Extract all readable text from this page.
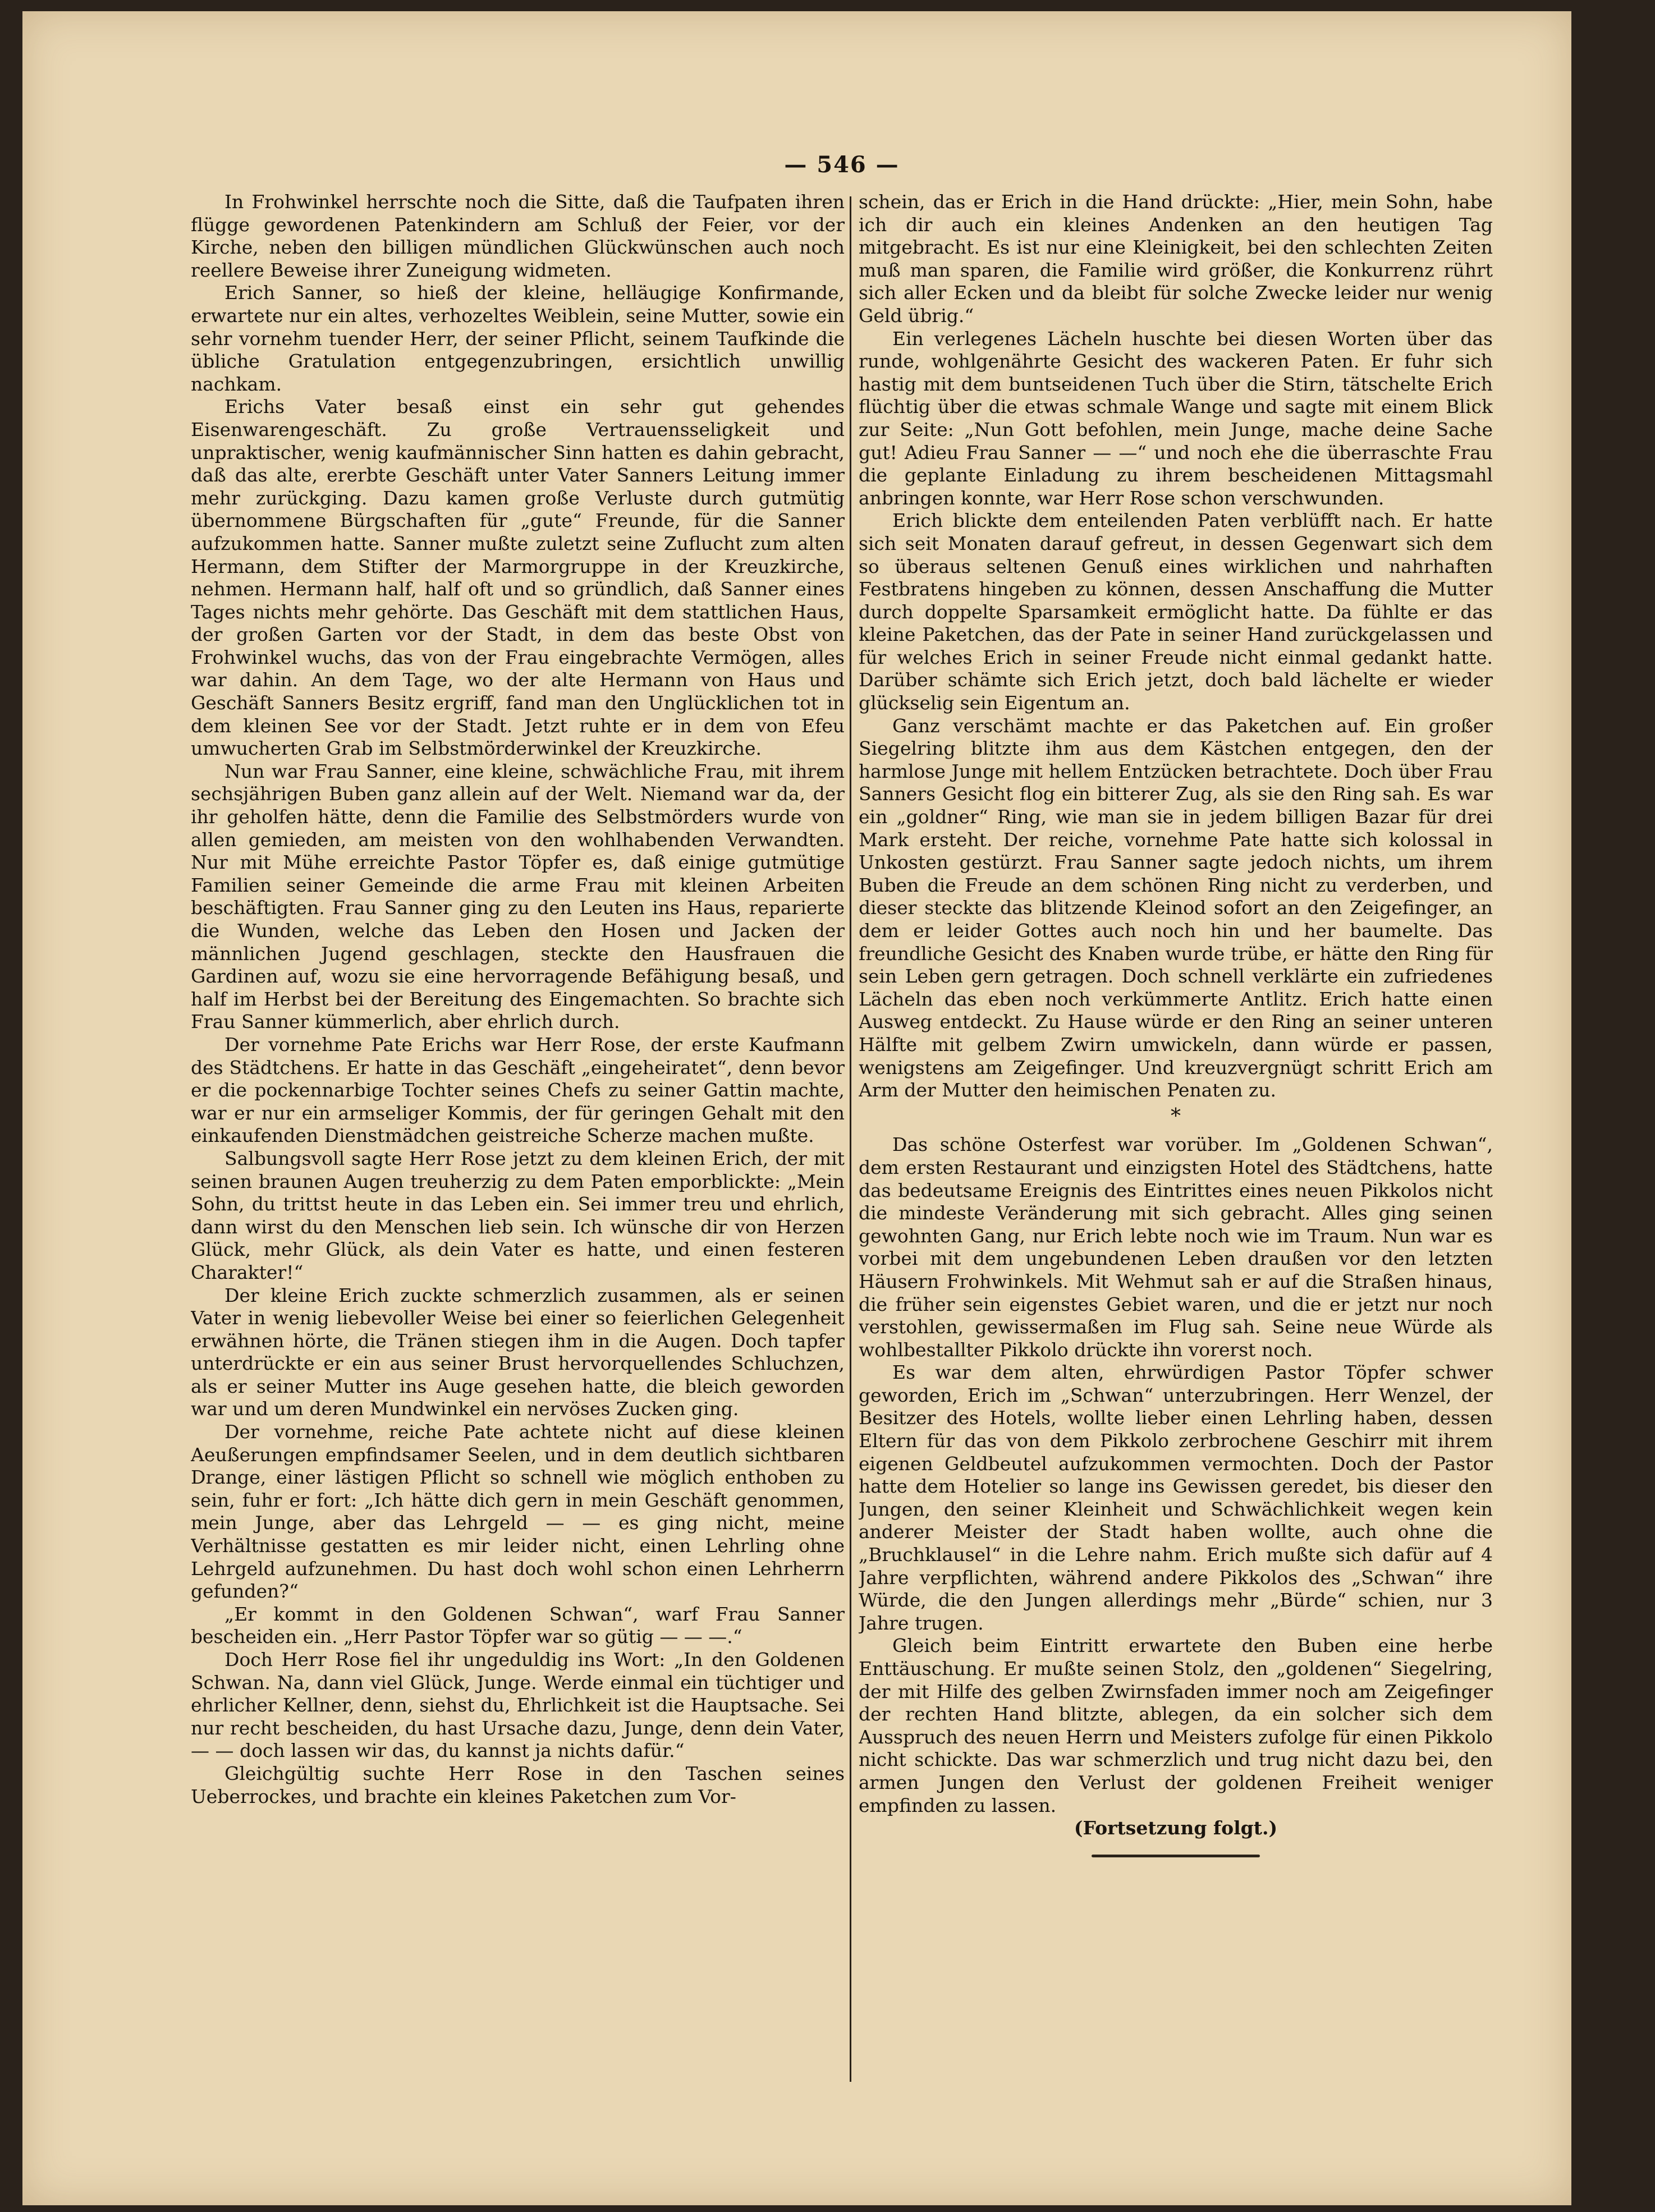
— 546 —

In Frohwinkel herrschte noch die Sitte, daß die Taufpaten ihren flügge gewordenen Patenkindern am Schluß der Feier, vor der Kirche, neben den billigen mündlichen Glückwünschen auch noch reellere Beweise ihrer Zuneigung widmeten.

Erich Sanner, so hieß der kleine, helläugige Konfirmande, erwartete nur ein altes, verhozeltes Weiblein, seine Mutter, sowie ein sehr vornehm tuender Herr, der seiner Pflicht, seinem Taufkinde die übliche Gratulation entgegenzubringen, ersichtlich unwillig nachkam.

Erichs Vater besaß einst ein sehr gut gehendes Eisenwarengeschäft. Zu große Vertrauensseligkeit und unpraktischer, wenig kaufmännischer Sinn hatten es dahin gebracht, daß das alte, ererbte Geschäft unter Vater Sanners Leitung immer mehr zurückging. Dazu kamen große Verluste durch gutmütig übernommene Bürgschaften für „gute“ Freunde, für die Sanner aufzukommen hatte. Sanner mußte zuletzt seine Zuflucht zum alten Hermann, dem Stifter der Marmorgruppe in der Kreuzkirche, nehmen. Hermann half, half oft und so gründlich, daß Sanner eines Tages nichts mehr gehörte. Das Geschäft mit dem stattlichen Haus, der großen Garten vor der Stadt, in dem das beste Obst von Frohwinkel wuchs, das von der Frau eingebrachte Vermögen, alles war dahin. An dem Tage, wo der alte Hermann von Haus und Geschäft Sanners Besitz ergriff, fand man den Unglücklichen tot in dem kleinen See vor der Stadt. Jetzt ruhte er in dem von Efeu umwucherten Grab im Selbstmörderwinkel der Kreuzkirche.

Nun war Frau Sanner, eine kleine, schwächliche Frau, mit ihrem sechsjährigen Buben ganz allein auf der Welt. Niemand war da, der ihr geholfen hätte, denn die Familie des Selbstmörders wurde von allen gemieden, am meisten von den wohlhabenden Verwandten. Nur mit Mühe erreichte Pastor Töpfer es, daß einige gutmütige Familien seiner Gemeinde die arme Frau mit kleinen Arbeiten beschäftigten. Frau Sanner ging zu den Leuten ins Haus, reparierte die Wunden, welche das Leben den Hosen und Jacken der männlichen Jugend geschlagen, steckte den Hausfrauen die Gardinen auf, wozu sie eine hervorragende Befähigung besaß, und half im Herbst bei der Bereitung des Eingemachten. So brachte sich Frau Sanner kümmerlich, aber ehrlich durch.

Der vornehme Pate Erichs war Herr Rose, der erste Kaufmann des Städtchens. Er hatte in das Geschäft „eingeheiratet“, denn bevor er die pockennarbige Tochter seines Chefs zu seiner Gattin machte, war er nur ein armseliger Kommis, der für geringen Gehalt mit den einkaufenden Dienstmädchen geistreiche Scherze machen mußte.

Salbungsvoll sagte Herr Rose jetzt zu dem kleinen Erich, der mit seinen braunen Augen treuherzig zu dem Paten emporblickte: „Mein Sohn, du trittst heute in das Leben ein. Sei immer treu und ehrlich, dann wirst du den Menschen lieb sein. Ich wünsche dir von Herzen Glück, mehr Glück, als dein Vater es hatte, und einen festeren Charakter!“

Der kleine Erich zuckte schmerzlich zusammen, als er seinen Vater in wenig liebevoller Weise bei einer so feierlichen Gelegenheit erwähnen hörte, die Tränen stiegen ihm in die Augen. Doch tapfer unterdrückte er ein aus seiner Brust hervorquellendes Schluchzen, als er seiner Mutter ins Auge gesehen hatte, die bleich geworden war und um deren Mundwinkel ein nervöses Zucken ging.

Der vornehme, reiche Pate achtete nicht auf diese kleinen Aeußerungen empfindsamer Seelen, und in dem deutlich sichtbaren Drange, einer lästigen Pflicht so schnell wie möglich enthoben zu sein, fuhr er fort: „Ich hätte dich gern in mein Geschäft genommen, mein Junge, aber das Lehrgeld — — es ging nicht, meine Verhältnisse gestatten es mir leider nicht, einen Lehrling ohne Lehrgeld aufzunehmen. Du hast doch wohl schon einen Lehrherrn gefunden?“

„Er kommt in den Goldenen Schwan“, warf Frau Sanner bescheiden ein. „Herr Pastor Töpfer war so gütig — — —.“

Doch Herr Rose fiel ihr ungeduldig ins Wort: „In den Goldenen Schwan. Na, dann viel Glück, Junge. Werde einmal ein tüchtiger und ehrlicher Kellner, denn, siehst du, Ehrlichkeit ist die Hauptsache. Sei nur recht bescheiden, du hast Ursache dazu, Junge, denn dein Vater, — — doch lassen wir das, du kannst ja nichts dafür.“

Gleichgültig suchte Herr Rose in den Taschen seines Ueberrockes, und brachte ein kleines Paketchen zum Vor-

schein, das er Erich in die Hand drückte: „Hier, mein Sohn, habe ich dir auch ein kleines Andenken an den heutigen Tag mitgebracht. Es ist nur eine Kleinigkeit, bei den schlechten Zeiten muß man sparen, die Familie wird größer, die Konkurrenz rührt sich aller Ecken und da bleibt für solche Zwecke leider nur wenig Geld übrig.“

Ein verlegenes Lächeln huschte bei diesen Worten über das runde, wohlgenährte Gesicht des wackeren Paten. Er fuhr sich hastig mit dem buntseidenen Tuch über die Stirn, tätschelte Erich flüchtig über die etwas schmale Wange und sagte mit einem Blick zur Seite: „Nun Gott befohlen, mein Junge, mache deine Sache gut! Adieu Frau Sanner — —“ und noch ehe die überraschte Frau die geplante Einladung zu ihrem bescheidenen Mittagsmahl anbringen konnte, war Herr Rose schon verschwunden.

Erich blickte dem enteilenden Paten verblüfft nach. Er hatte sich seit Monaten darauf gefreut, in dessen Gegenwart sich dem so überaus seltenen Genuß eines wirklichen und nahrhaften Festbratens hingeben zu können, dessen Anschaffung die Mutter durch doppelte Sparsamkeit ermöglicht hatte. Da fühlte er das kleine Paketchen, das der Pate in seiner Hand zurückgelassen und für welches Erich in seiner Freude nicht einmal gedankt hatte. Darüber schämte sich Erich jetzt, doch bald lächelte er wieder glückselig sein Eigentum an.

Ganz verschämt machte er das Paketchen auf. Ein großer Siegelring blitzte ihm aus dem Kästchen entgegen, den der harmlose Junge mit hellem Entzücken betrachtete. Doch über Frau Sanners Gesicht flog ein bitterer Zug, als sie den Ring sah. Es war ein „goldner“ Ring, wie man sie in jedem billigen Bazar für drei Mark ersteht. Der reiche, vornehme Pate hatte sich kolossal in Unkosten gestürzt. Frau Sanner sagte jedoch nichts, um ihrem Buben die Freude an dem schönen Ring nicht zu verderben, und dieser steckte das blitzende Kleinod sofort an den Zeigefinger, an dem er leider Gottes auch noch hin und her baumelte. Das freundliche Gesicht des Knaben wurde trübe, er hätte den Ring für sein Leben gern getragen. Doch schnell verklärte ein zufriedenes Lächeln das eben noch verkümmerte Antlitz. Erich hatte einen Ausweg entdeckt. Zu Hause würde er den Ring an seiner unteren Hälfte mit gelbem Zwirn umwickeln, dann würde er passen, wenigstens am Zeigefinger. Und kreuzvergnügt schritt Erich am Arm der Mutter den heimischen Penaten zu.

*

Das schöne Osterfest war vorüber. Im „Goldenen Schwan“, dem ersten Restaurant und einzigsten Hotel des Städtchens, hatte das bedeutsame Ereignis des Eintrittes eines neuen Pikkolos nicht die mindeste Veränderung mit sich gebracht. Alles ging seinen gewohnten Gang, nur Erich lebte noch wie im Traum. Nun war es vorbei mit dem ungebundenen Leben draußen vor den letzten Häusern Frohwinkels. Mit Wehmut sah er auf die Straßen hinaus, die früher sein eigenstes Gebiet waren, und die er jetzt nur noch verstohlen, gewissermaßen im Flug sah. Seine neue Würde als wohlbestallter Pikkolo drückte ihn vorerst noch.

Es war dem alten, ehrwürdigen Pastor Töpfer schwer geworden, Erich im „Schwan“ unterzubringen. Herr Wenzel, der Besitzer des Hotels, wollte lieber einen Lehrling haben, dessen Eltern für das von dem Pikkolo zerbrochene Geschirr mit ihrem eigenen Geldbeutel aufzukommen vermochten. Doch der Pastor hatte dem Hotelier so lange ins Gewissen geredet, bis dieser den Jungen, den seiner Kleinheit und Schwächlichkeit wegen kein anderer Meister der Stadt haben wollte, auch ohne die „Bruchklausel“ in die Lehre nahm. Erich mußte sich dafür auf 4 Jahre verpflichten, während andere Pikkolos des „Schwan“ ihre Würde, die den Jungen allerdings mehr „Bürde“ schien, nur 3 Jahre trugen.

Gleich beim Eintritt erwartete den Buben eine herbe Enttäuschung. Er mußte seinen Stolz, den „goldenen“ Siegelring, der mit Hilfe des gelben Zwirnsfaden immer noch am Zeigefinger der rechten Hand blitzte, ablegen, da ein solcher sich dem Ausspruch des neuen Herrn und Meisters zufolge für einen Pikkolo nicht schickte. Das war schmerzlich und trug nicht dazu bei, den armen Jungen den Verlust der goldenen Freiheit weniger empfinden zu lassen.

(Fortsetzung folgt.)
